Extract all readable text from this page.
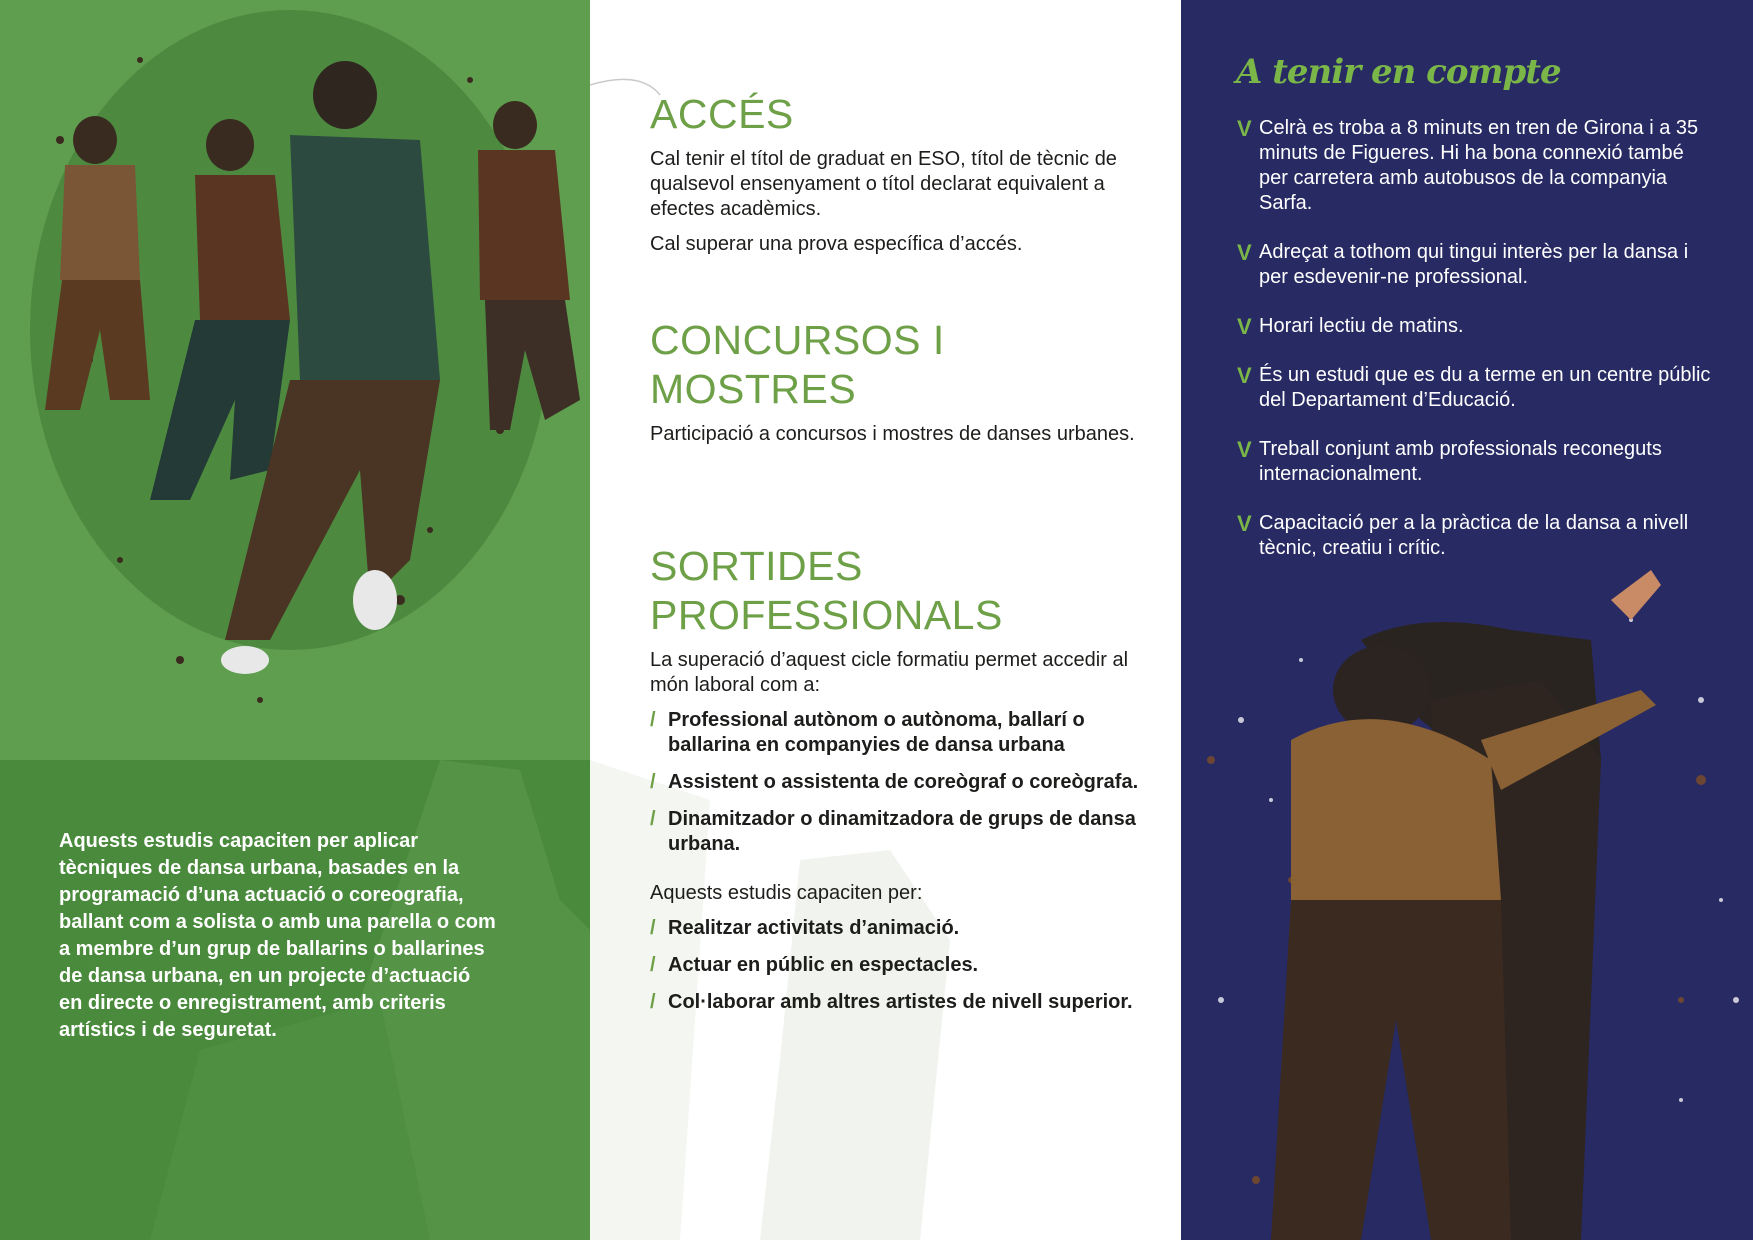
Aquests estudis capaciten per aplicar tècniques de dansa urbana, basades en la programació d’una actuació o coreografia, ballant com a solista o amb una parella o com a membre d’un grup de ballarins o ballarines de dansa urbana, en un projecte d’actuació en directe o enregistrament, amb criteris artístics i de seguretat.

ACCÉS

Cal tenir el títol de graduat en ESO, títol de tècnic de qualsevol ensenyament o títol declarat equivalent a efectes acadèmics.

Cal superar una prova específica d’accés.

CONCURSOS I
MOSTRES

Participació a concursos i mostres de danses urbanes.

SORTIDES
PROFESSIONALS

La superació d’aquest cicle formatiu permet accedir al món laboral com a:

/ Professional autònom o autònoma, ballarí o ballarina en companyies de dansa urbana
/ Assistent o assistenta de coreògraf o coreògrafa.
/ Dinamitzador o dinamitzadora de grups de dansa urbana.

Aquests estudis capaciten per:

/ Realitzar activitats d’animació.
/ Actuar en públic en espectacles.
/ Col·laborar amb altres artistes de nivell superior.
A tenir en compte
V Celrà es troba a 8 minuts en tren de Girona i a 35 minuts de Figueres. Hi ha bona connexió també per carretera amb autobusos de la companyia Sarfa.
V Adreçat a tothom qui tingui interès per la dansa i per esdevenir-ne professional.
V Horari lectiu de matins.
V És un estudi que es du a terme en un centre públic del Departament d’Educació.
V Treball conjunt amb professionals reconeguts internacionalment.
V Capacitació per a la pràctica de la dansa a nivell tècnic, creatiu i crític.
